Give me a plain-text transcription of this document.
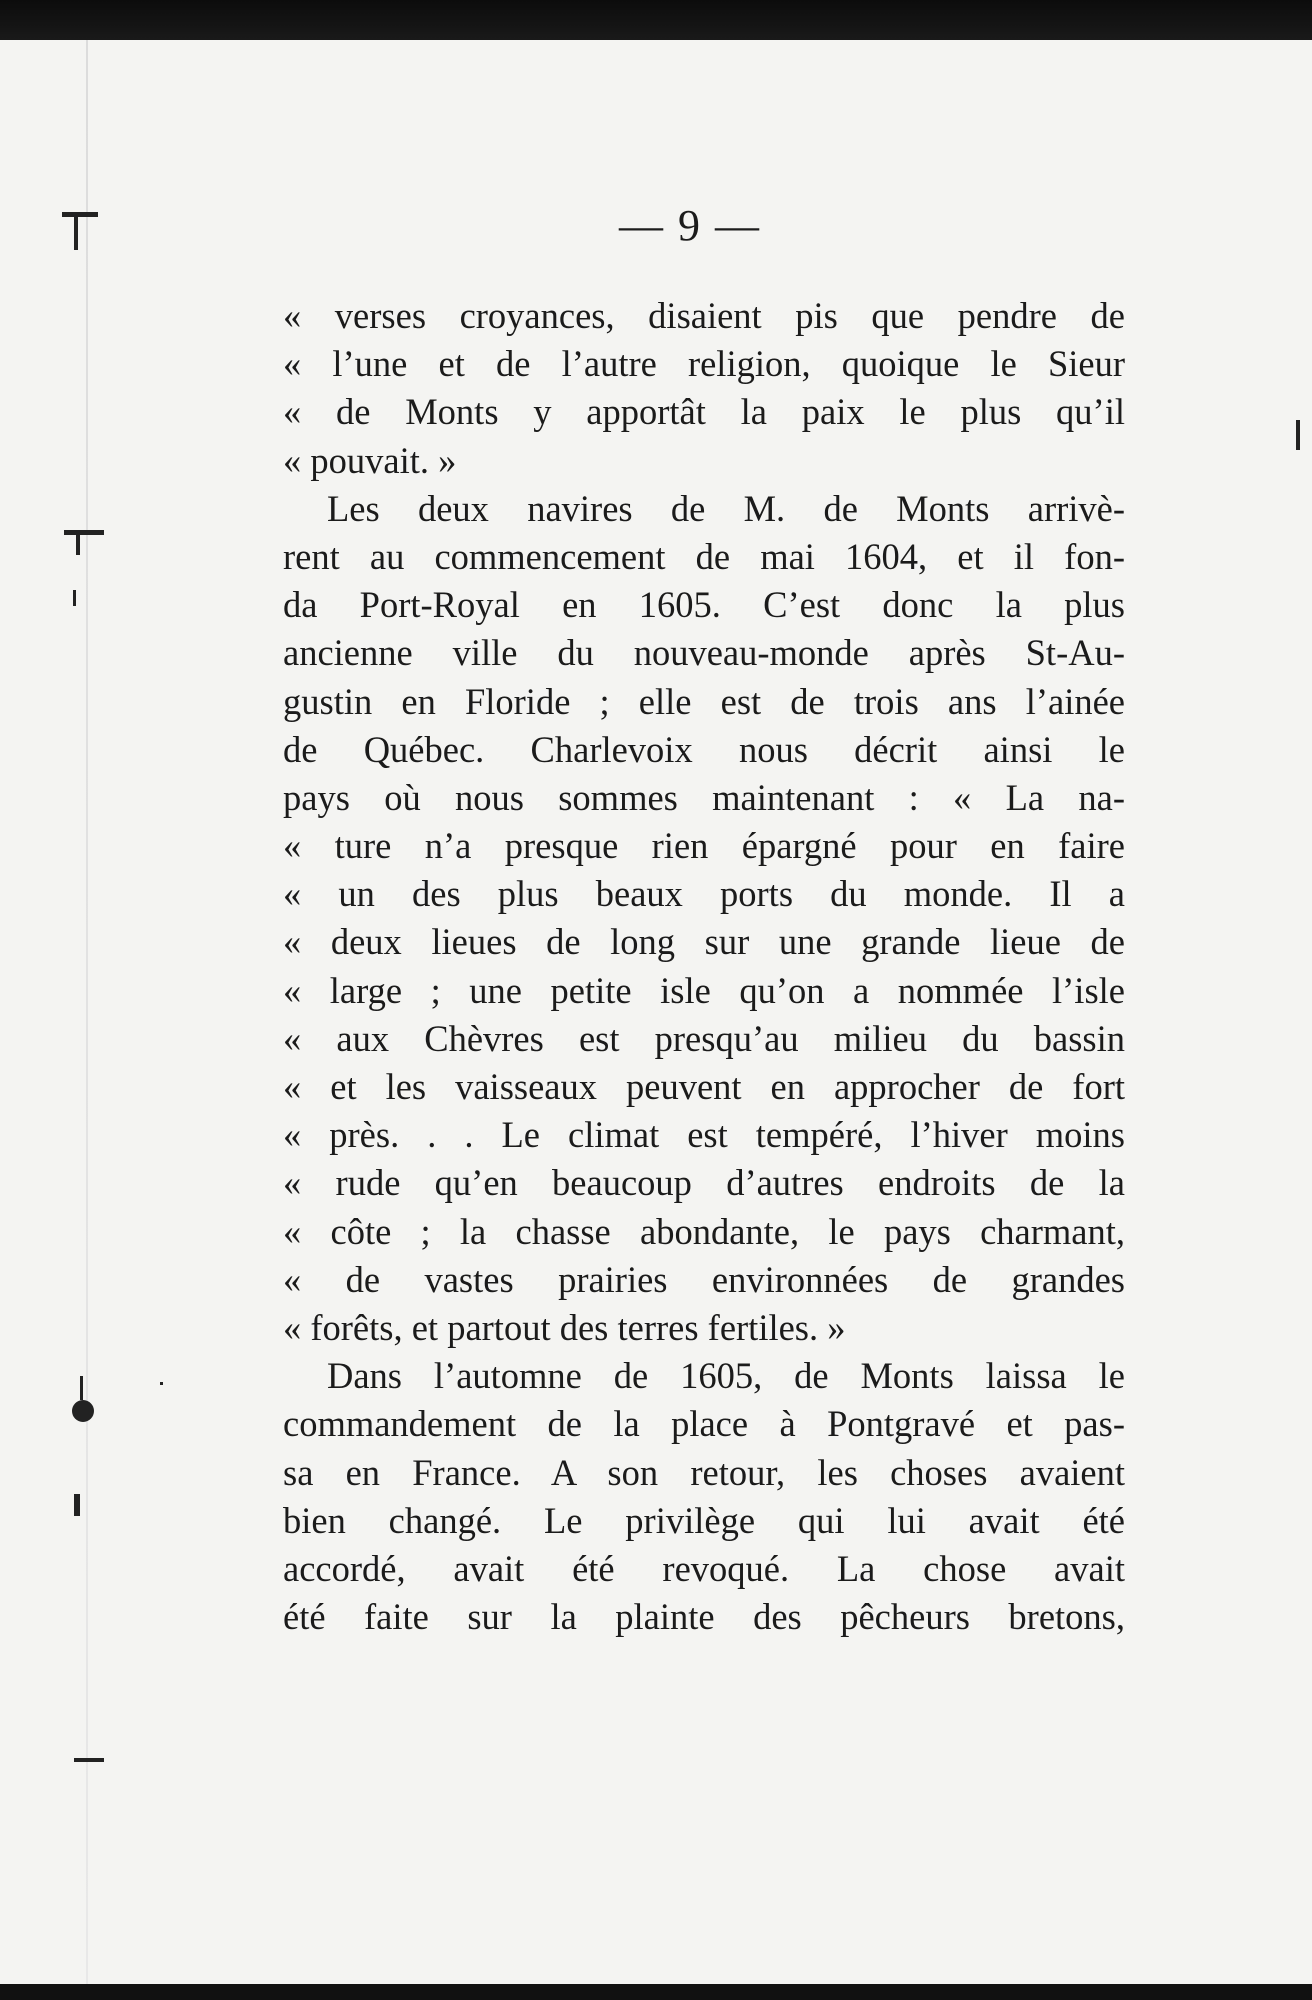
— 9 —
« verses croyances, disaient pis que pendre de
« l’une et de l’autre religion, quoique le Sieur
« de Monts y apportât la paix le plus qu’il
« pouvait. »
Les deux navires de M. de Monts arrivè-
rent au commencement de mai 1604, et il fon-
da Port-Royal en 1605. C’est donc la plus
ancienne ville du nouveau-monde après St-Au-
gustin en Floride ; elle est de trois ans l’ainée
de Québec. Charlevoix nous décrit ainsi le
pays où nous sommes maintenant : « La na-
« ture n’a presque rien épargné pour en faire
« un des plus beaux ports du monde. Il a
« deux lieues de long sur une grande lieue de
« large ; une petite isle qu’on a nommée l’isle
« aux Chèvres est presqu’au milieu du bassin
« et les vaisseaux peuvent en approcher de fort
« près. . . Le climat est tempéré, l’hiver moins
« rude qu’en beaucoup d’autres endroits de la
« côte ; la chasse abondante, le pays charmant,
« de vastes prairies environnées de grandes
« forêts, et partout des terres fertiles. »
Dans l’automne de 1605, de Monts laissa le
commandement de la place à Pontgravé et pas-
sa en France. A son retour, les choses avaient
bien changé. Le privilège qui lui avait été
accordé, avait été revoqué. La chose avait
été faite sur la plainte des pêcheurs bretons,
